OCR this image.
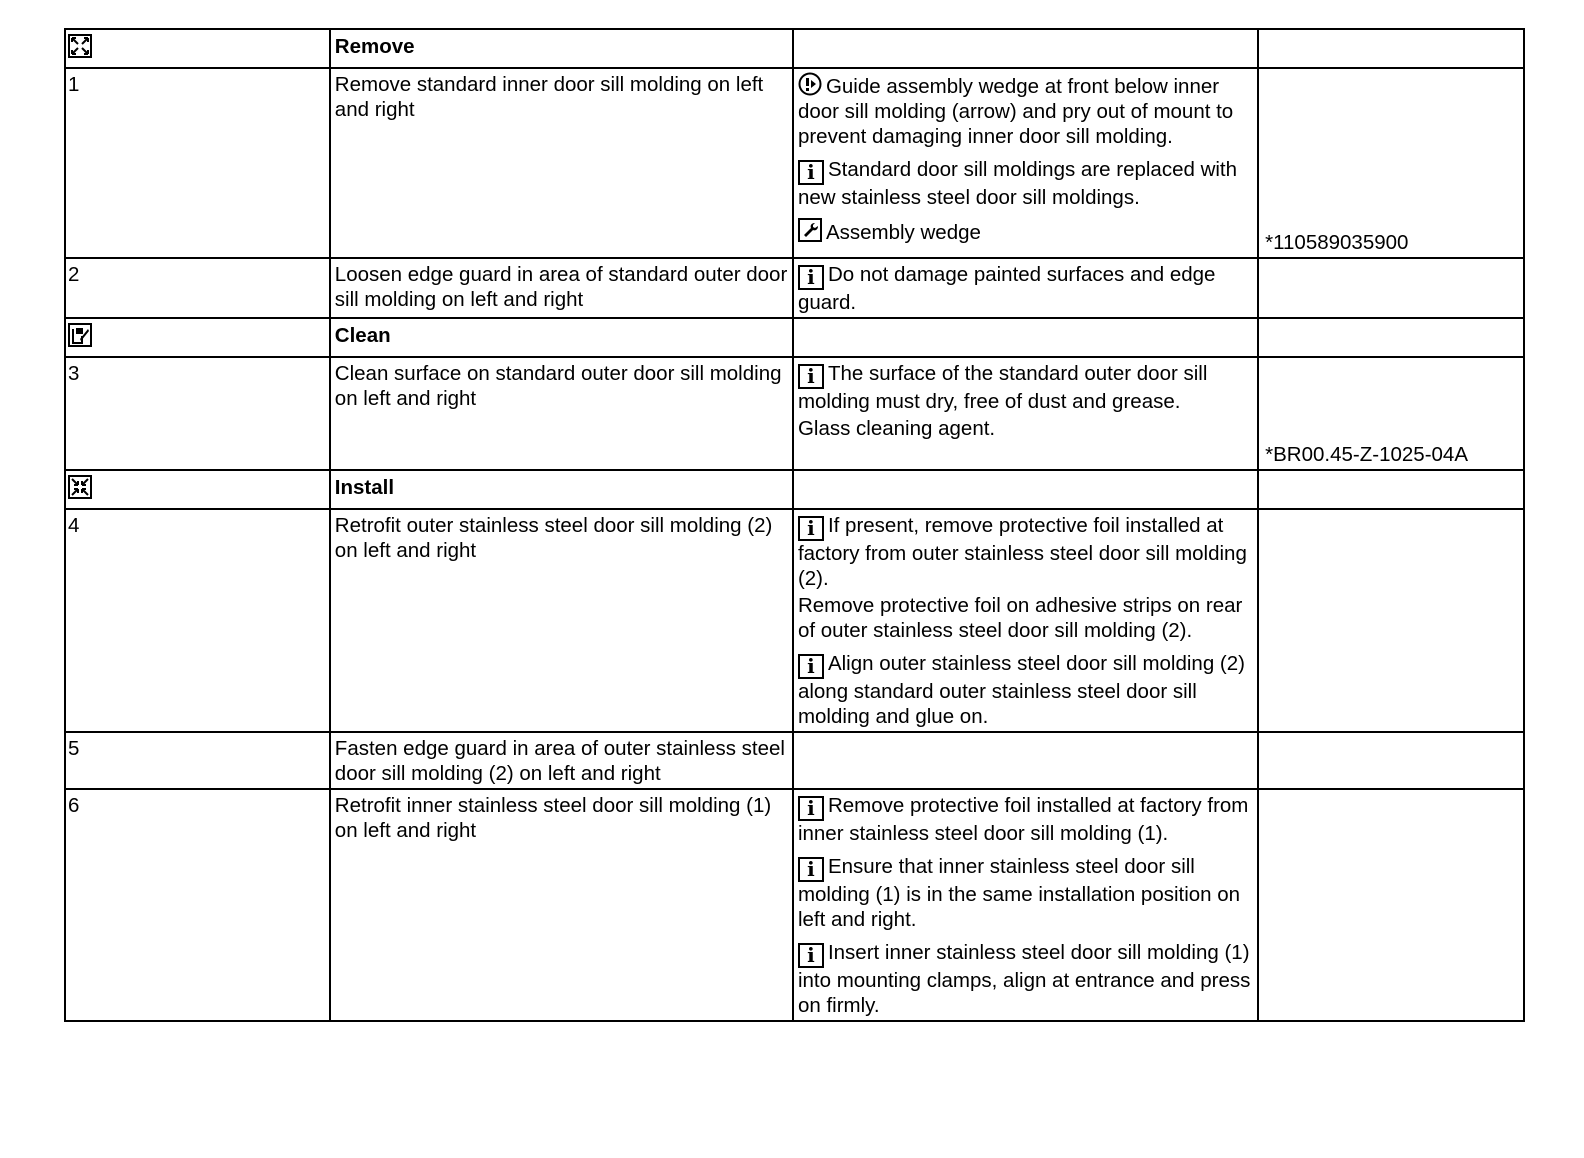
	Remove		
1	Remove standard inner door sill molding on left and right	Guide assembly wedge at front below inner door sill molding (arrow) and pry out of mount to prevent damaging inner door sill molding.
i Standard door sill moldings are replaced with new stainless steel door sill moldings.
Assembly wedge	*110589035900
2	Loosen edge guard in area of standard outer door sill molding on left and right	i Do not damage painted surfaces and edge guard.	

	Clean		
3	Clean surface on standard outer door sill molding on left and right	i The surface of the standard outer door sill molding must dry, free of dust and grease.
Glass cleaning agent.	*BR00.45-Z-1025-04A

	Install		
4	Retrofit outer stainless steel door sill molding (2) on left and right	i If present, remove protective foil installed at factory from outer stainless steel door sill molding (2).
Remove protective foil on adhesive strips on rear of outer stainless steel door sill molding (2).
i Align outer stainless steel door sill molding (2) along standard outer stainless steel door sill molding and glue on.	

5	Fasten edge guard in area of outer stainless steel door sill molding (2) on left and right		
6	Retrofit inner stainless steel door sill molding (1) on left and right	i Remove protective foil installed at factory from inner stainless steel door sill molding (1).
i Ensure that inner stainless steel door sill molding (1) is in the same installation position on left and right.
i Insert inner stainless steel door sill molding (1) into mounting clamps, align at entrance and press on firmly.	
